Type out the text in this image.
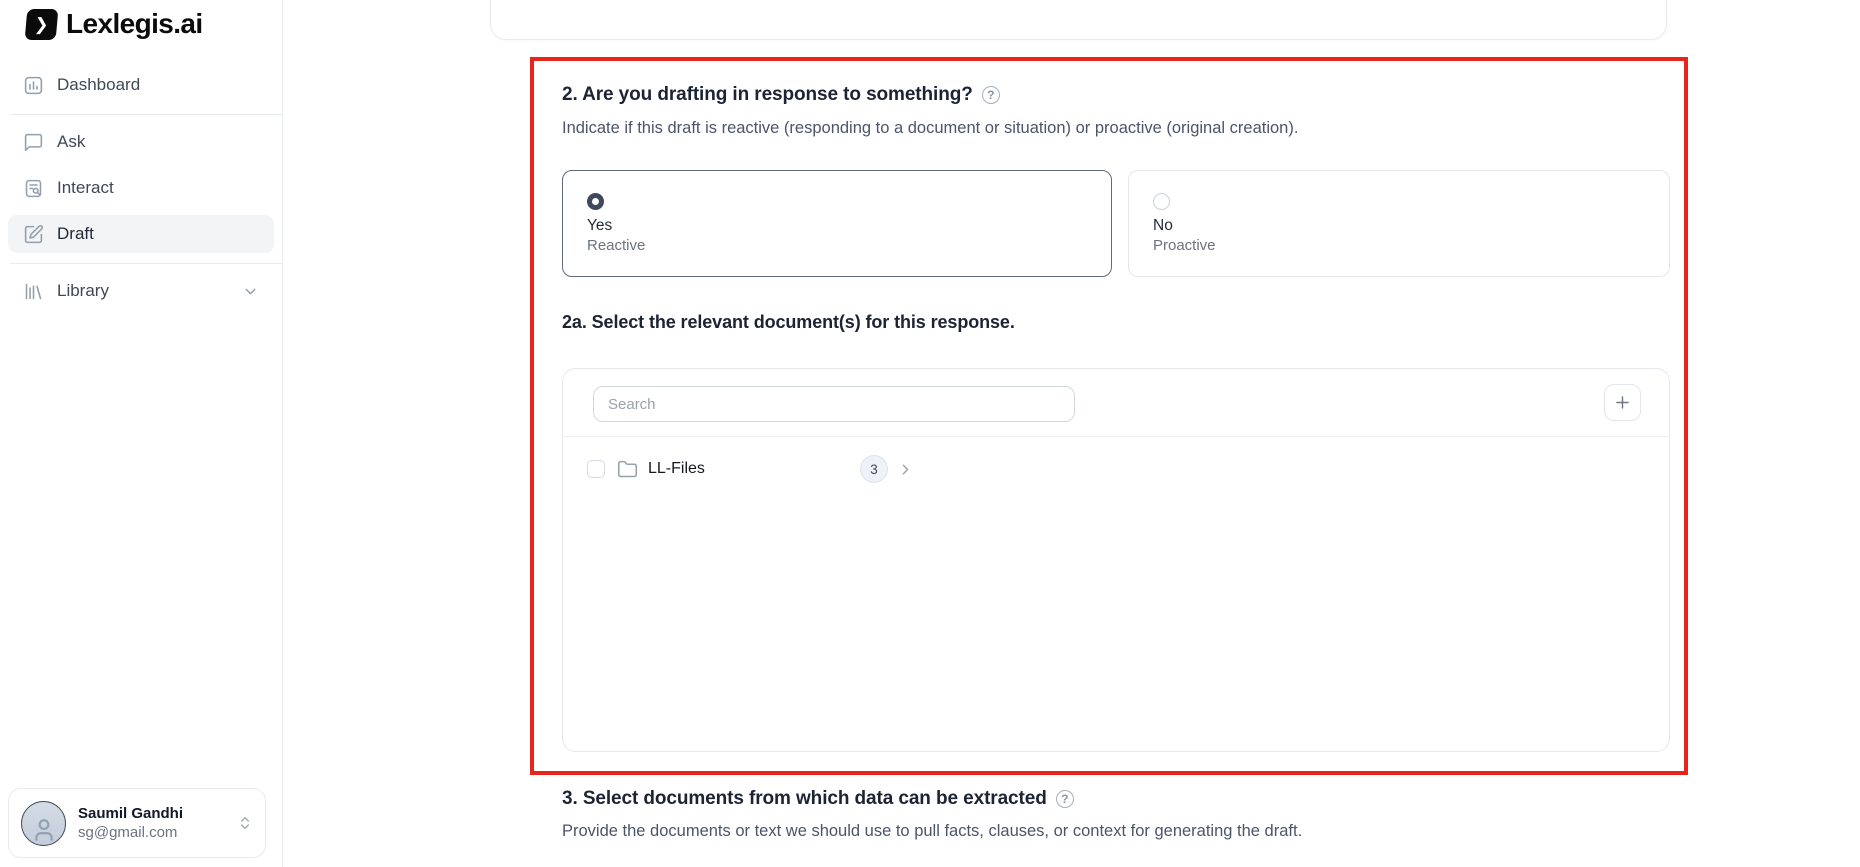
❯ Lexlegis.ai
Dashboard
Ask
Interact
Draft
Library
Saumil Gandhi
sg@gmail.com
2. Are you drafting in response to something?	?
Indicate if this draft is reactive (responding to a document or situation) or proactive (original creation).
Yes
Reactive
No
Proactive
2a. Select the relevant document(s) for this response.
Search
LL-Files	3
3. Select documents from which data can be extracted	?
Provide the documents or text we should use to pull facts, clauses, or context for generating the draft.
